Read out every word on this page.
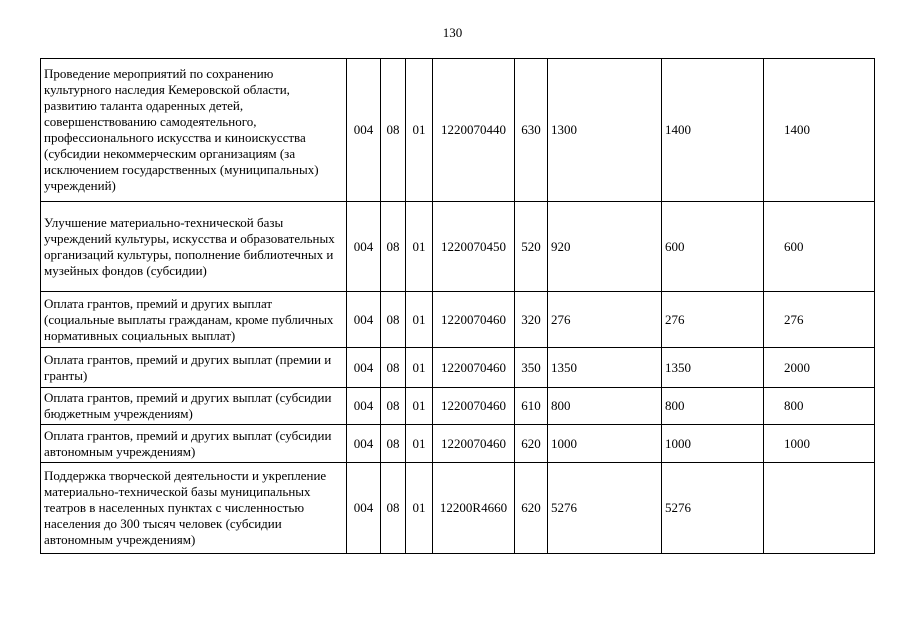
130
Проведение мероприятий по сохранению культурного наследия Кемеровской области, развитию таланта одаренных детей, совершенствованию самодеятельного, профессионального искусства и киноискусства (субсидии некоммерческим организациям (за исключением государственных (муниципальных) учреждений)	004	08	01	1220070440	630	1300	1400	1400
Улучшение материально-технической базы учреждений культуры, искусства и образовательных организаций культуры, пополнение библиотечных и музейных фондов (субсидии)	004	08	01	1220070450	520	920	600	600
Оплата грантов, премий и других выплат (социальные выплаты гражданам, кроме публичных нормативных социальных выплат)	004	08	01	1220070460	320	276	276	276
Оплата грантов, премий и других выплат (премии и гранты)	004	08	01	1220070460	350	1350	1350	2000
Оплата грантов, премий и других выплат (субсидии бюджетным учреждениям)	004	08	01	1220070460	610	800	800	800
Оплата грантов, премий и других выплат (субсидии автономным учреждениям)	004	08	01	1220070460	620	1000	1000	1000
Поддержка творческой деятельности и укрепление материально-технической базы муниципальных театров в населенных пунктах с численностью населения до 300 тысяч человек (субсидии автономным учреждениям)	004	08	01	12200R4660	620	5276	5276	
